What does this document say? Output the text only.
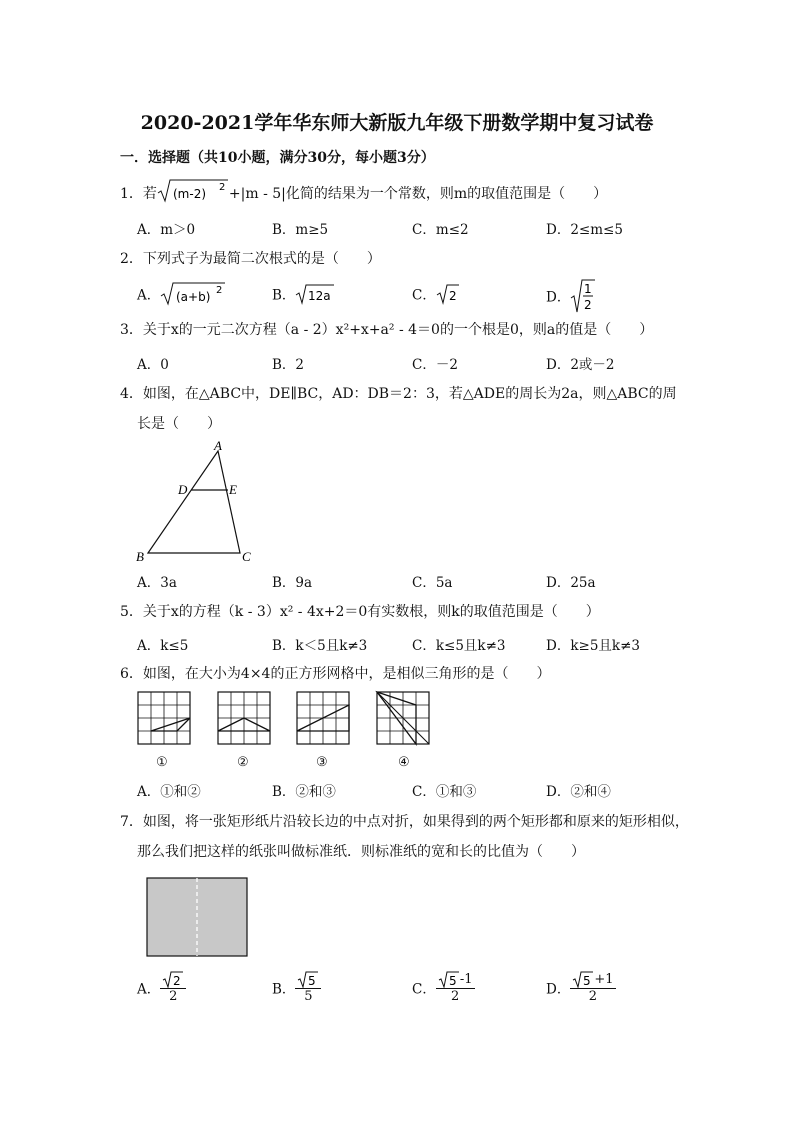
2020-2021学年华东师大新版九年级下册数学期中复习试卷
一．选择题（共10小题，满分30分，每小题3分）
1．若 (m-2) 2 +|m - 5|化简的结果为一个常数，则m的取值范围是（　　）
A．m＞0	B．m≥5	C．m≤2	D．2≤m≤5
2．下列式子为最简二次根式的是（　　）
A． (a+b) 2	B． 12a	C． 2	D．
1
2
3．关于x的一元二次方程（a - 2）x²+x+a² - 4＝0的一个根是0，则a的值是（　　）
A．0	B．2	C．－2	D．2或－2
4．如图，在△ABC中，DE∥BC，AD：DB＝2：3，若△ADE的周长为2a，则△ABC的周
长是（　　）
A
D	E
B	C
A．3a	B．9a	C．5a	D．25a
5．关于x的方程（k - 3）x² - 4x+2＝0有实数根，则k的取值范围是（　　）
A．k≤5	B．k＜5且k≠3	C．k≤5且k≠3	D．k≥5且k≠3
6．如图，在大小为4×4的正方形网格中，是相似三角形的是（　　）
①	②	③	④
A．①和②	B．②和③	C．①和③	D．②和④
7．如图，将一张矩形纸片沿较长边的中点对折，如果得到的两个矩形都和原来的矩形相似，
那么我们把这样的纸张叫做标准纸．则标准纸的宽和长的比值为（　　）
A． $\frac{2}{2}$	B． $\frac{5}{5}$	C． $\frac{5 -1}{2}$	D． $\frac{5 +1}{2}$
